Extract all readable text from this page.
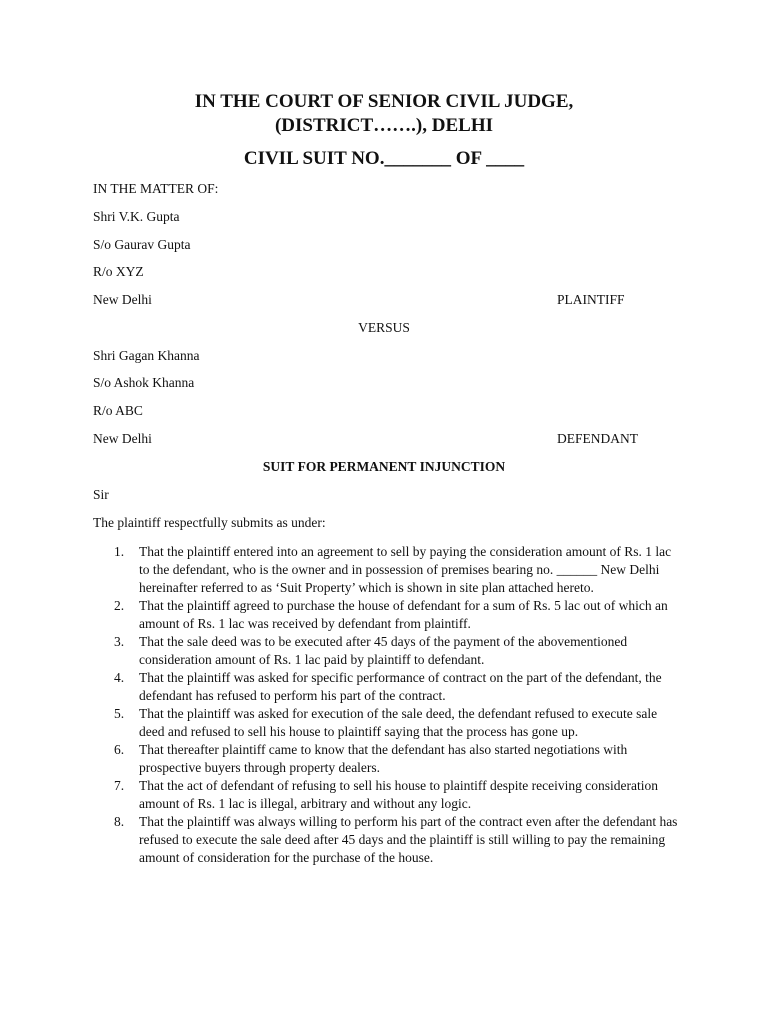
IN THE COURT OF SENIOR CIVIL JUDGE,
(DISTRICT…….), DELHI
CIVIL SUIT NO._______ OF ____
IN THE MATTER OF:
Shri V.K. Gupta
S/o Gaurav Gupta
R/o XYZ
New Delhi	PLAINTIFF
VERSUS
Shri Gagan Khanna
S/o Ashok Khanna
R/o ABC
New Delhi	DEFENDANT
SUIT FOR PERMANENT INJUNCTION
Sir
The plaintiff respectfully submits as under:
1. That the plaintiff entered into an agreement to sell by paying the consideration amount of Rs. 1 lac to the defendant, who is the owner and in possession of premises bearing no. ______ New Delhi hereinafter referred to as ‘Suit Property’ which is shown in site plan attached hereto.
2. That the plaintiff agreed to purchase the house of defendant for a sum of Rs. 5 lac out of which an amount of Rs. 1 lac was received by defendant from plaintiff.
3. That the sale deed was to be executed after 45 days of the payment of the abovementioned consideration amount of Rs. 1 lac paid by plaintiff to defendant.
4. That the plaintiff was asked for specific performance of contract on the part of the defendant, the defendant has refused to perform his part of the contract.
5. That the plaintiff was asked for execution of the sale deed, the defendant refused to execute sale deed and refused to sell his house to plaintiff saying that the process has gone up.
6. That thereafter plaintiff came to know that the defendant has also started negotiations with prospective buyers through property dealers.
7. That the act of defendant of refusing to sell his house to plaintiff despite receiving consideration amount of Rs. 1 lac is illegal, arbitrary and without any logic.
8. That the plaintiff was always willing to perform his part of the contract even after the defendant has refused to execute the sale deed after 45 days and the plaintiff is still willing to pay the remaining amount of consideration for the purchase of the house.
